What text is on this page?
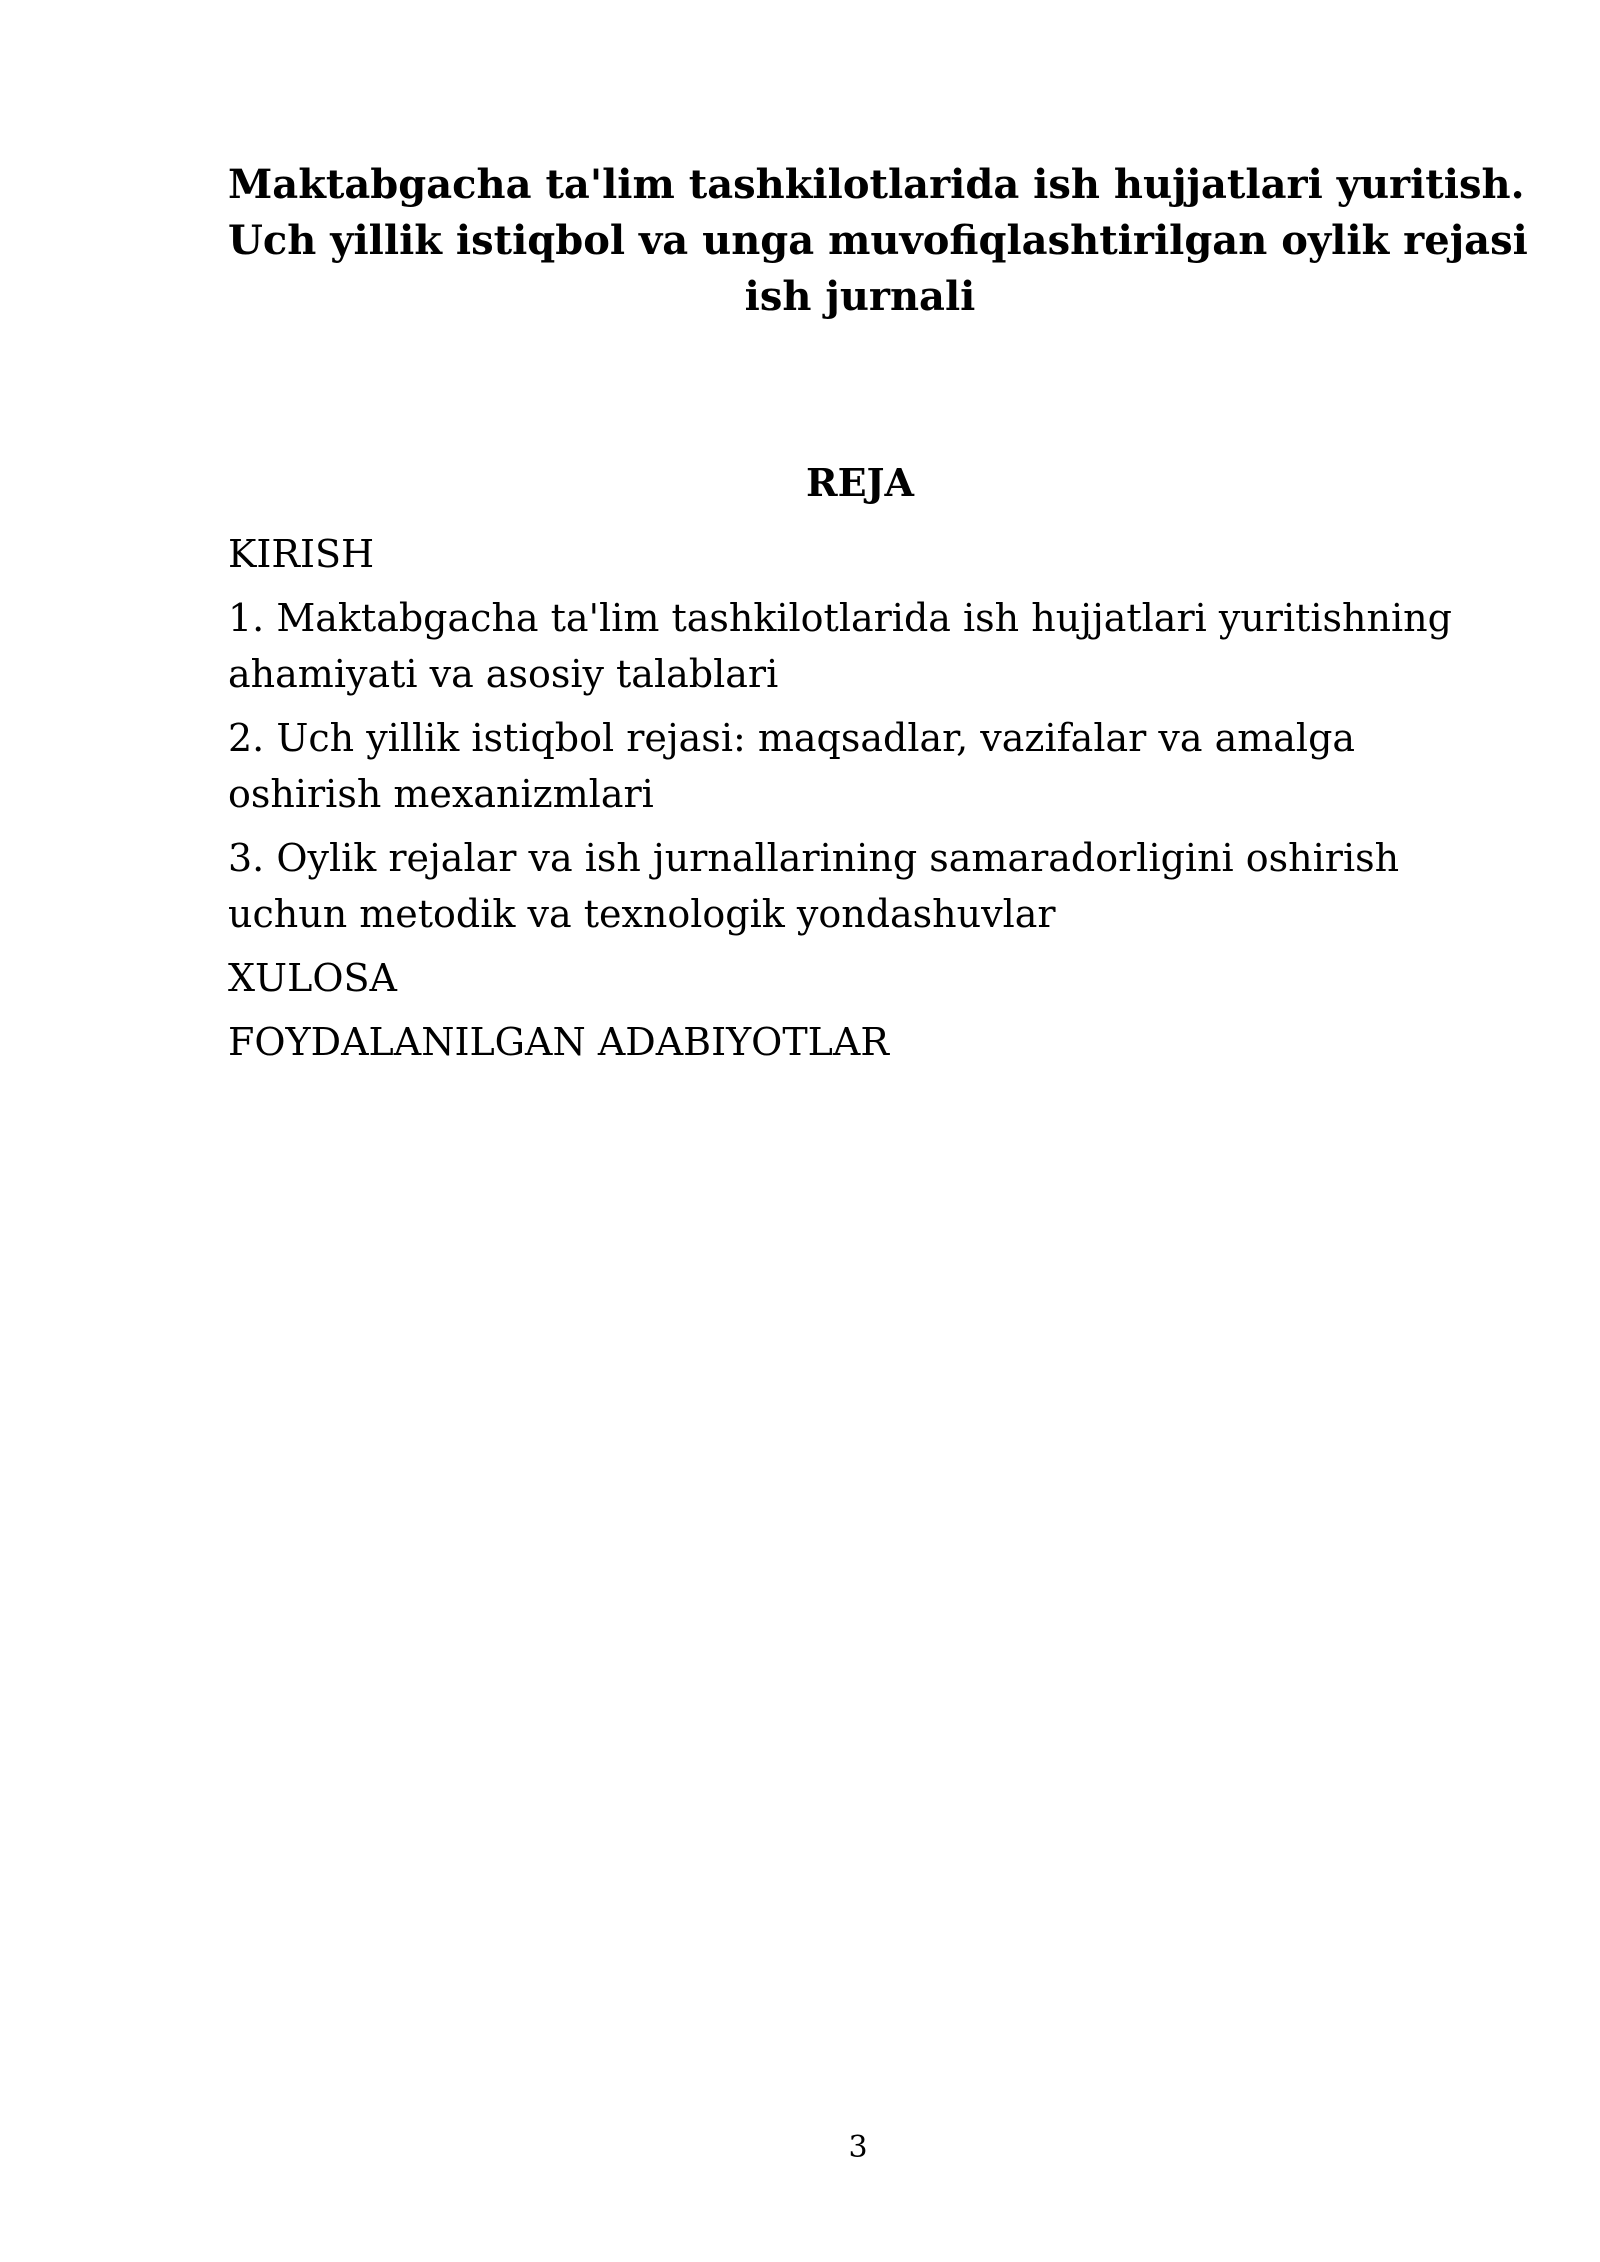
Maktabgacha ta'lim tashkilotlarida ish hujjatlari yuritish.
Uch yillik istiqbol va unga muvofiqlashtirilgan oylik rejasi
ish jurnali
REJA
KIRISH
1. Maktabgacha ta'lim tashkilotlarida ish hujjatlari yuritishning
ahamiyati va asosiy talablari
2. Uch yillik istiqbol rejasi: maqsadlar, vazifalar va amalga
oshirish mexanizmlari
3. Oylik rejalar va ish jurnallarining samaradorligini oshirish
uchun metodik va texnologik yondashuvlar
XULOSA
FOYDALANILGAN ADABIYOTLAR
3
